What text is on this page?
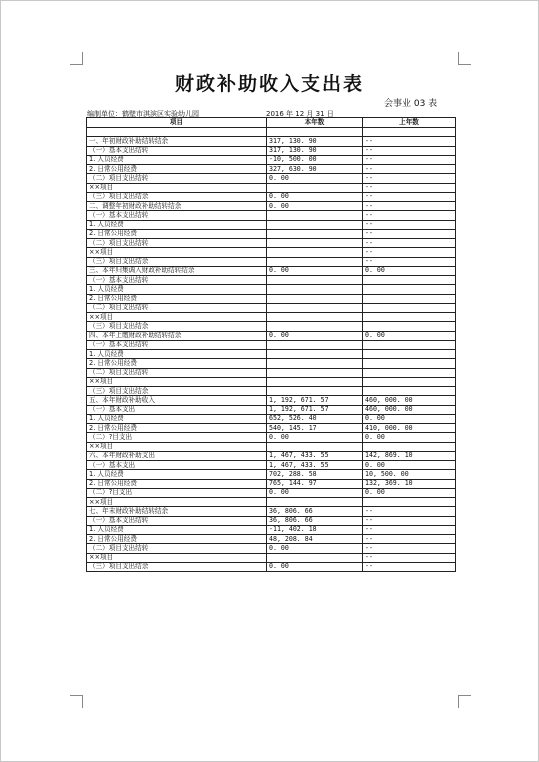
财政补助收入支出表
会事业 03 表
编制单位：鹤壁市淇滨区实验幼儿园	2016 年 12 月 31 日
项目	本年数	上年数

一、年初财政补助结转结余	317, 130. 90	--
（一）基本支出结转	317, 130. 90	--
1. 人员经费	-10, 500. 00	--
2. 日常公用经费	327, 630. 90	--
（二）项目支出结转	0. 00	--
××项目		--
（三）项目支出结余	0. 00	--
二、调整年初财政补助结转结余	0. 00	--
（一）基本支出结转		--
1. 人员经费		--
2. 日常公用经费		--
（二）项目支出结转		--
××项目		--
（三）项目支出结余		--
三、本年归集调入财政补助结转结余	0. 00	0. 00
（一）基本支出结转		
1. 人员经费		
2. 日常公用经费		
（二）项目支出结转		
××项目		
（三）项目支出结余		
四、本年上缴财政补助结转结余	0. 00	0. 00
（一）基本支出结转		
1. 人员经费		
2. 日常公用经费		
（二）项目支出结转		
××项目		
（三）项目支出结余		
五、本年财政补助收入	1, 192, 671. 57	460, 000. 00
（一）基本支出	1, 192, 671. 57	460, 000. 00
1. 人员经费	652, 526. 40	0. 00
2. 日常公用经费	540, 145. 17	410, 000. 00
（二）?目支出	0. 00	0. 00
××项目		
六、本年财政补助支出	1, 467, 433. 55	142, 869. 10
（一）基本支出	1, 467, 433. 55	0. 00
1. 人员经费	702, 288. 58	10, 500. 00
2. 日常公用经费	765, 144. 97	132, 369. 10
（二）?目支出	0. 00	0. 00
××项目		
七、年末财政补助结转结余	36, 806. 66	--
（一）基本支出结转	36, 806. 66	--
1. 人员经费	-11, 402. 18	--
2. 日常公用经费	48, 208. 84	--
（二）项目支出结转	0. 00	--
××项目		--
（三）项目支出结余	0. 00	--
